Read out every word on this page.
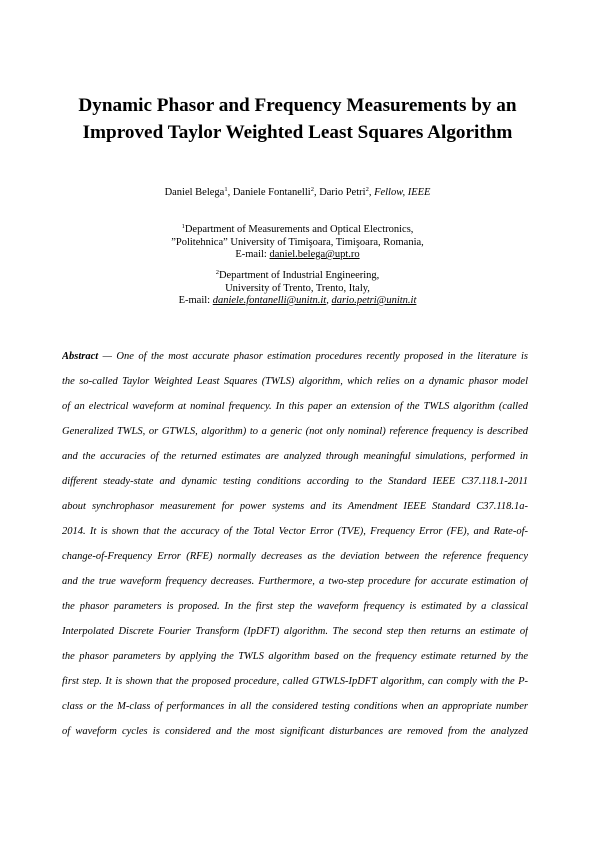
Dynamic Phasor and Frequency Measurements by an
Improved Taylor Weighted Least Squares Algorithm
Daniel Belega$^1$, Daniele Fontanelli$^2$, Dario Petri$^2$, Fellow, IEEE
$^1$Department of Measurements and Optical Electronics,
”Politehnica” University of Timişoara, Timişoara, Romania,
E-mail: daniel.belega@upt.ro
$^2$Department of Industrial Engineering,
University of Trento, Trento, Italy,
E-mail: daniele.fontanelli@unitn.it, dario.petri@unitn.it
Abstract — One of the most accurate phasor estimation procedures recently proposed in the literature is
the so-called Taylor Weighted Least Squares (TWLS) algorithm, which relies on a dynamic phasor model
of an electrical waveform at nominal frequency. In this paper an extension of the TWLS algorithm (called
Generalized TWLS, or GTWLS, algorithm) to a generic (not only nominal) reference frequency is described
and the accuracies of the returned estimates are analyzed through meaningful simulations, performed in
different steady-state and dynamic testing conditions according to the Standard IEEE C37.118.1-2011
about synchrophasor measurement for power systems and its Amendment IEEE Standard C37.118.1a-
2014. It is shown that the accuracy of the Total Vector Error (TVE), Frequency Error (FE), and Rate-of-
change-of-Frequency Error (RFE) normally decreases as the deviation between the reference frequency
and the true waveform frequency decreases. Furthermore, a two-step procedure for accurate estimation of
the phasor parameters is proposed. In the first step the waveform frequency is estimated by a classical
Interpolated Discrete Fourier Transform (IpDFT) algorithm. The second step then returns an estimate of
the phasor parameters by applying the TWLS algorithm based on the frequency estimate returned by the
first step. It is shown that the proposed procedure, called GTWLS-IpDFT algorithm, can comply with the P-
class or the M-class of performances in all the considered testing conditions when an appropriate number
of waveform cycles is considered and the most significant disturbances are removed from the analyzed
